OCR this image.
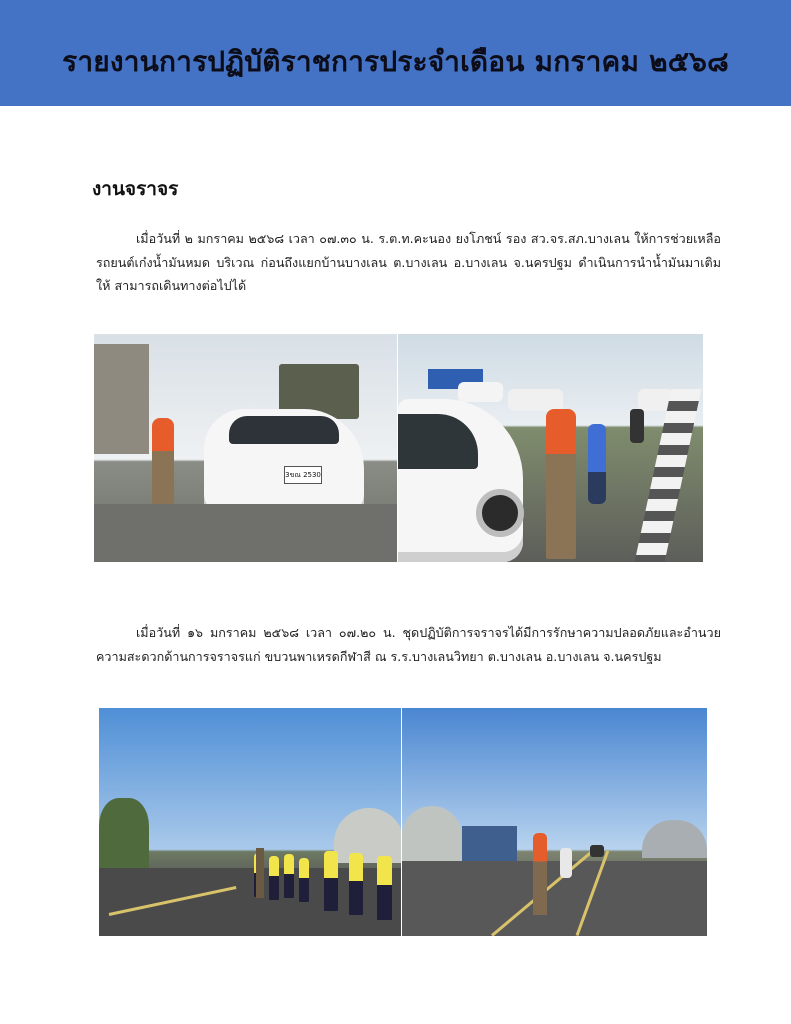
รายงานการปฏิบัติราชการประจำเดือน มกราคม ๒๕๖๘
งานจราจร

เมื่อวันที่ ๒ มกราคม ๒๕๖๘ เวลา ๐๗.๓๐ น. ร.ต.ท.คะนอง ยงโภชน์ รอง สว.จร.สภ.บางเลน ให้การช่วยเหลือ รถยนต์เก๋งน้ำมันหมด บริเวณ ก่อนถึงแยกบ้านบางเลน ต.บางเลน อ.บางเลน จ.นครปฐม ดำเนินการนำน้ำมันมาเติมให้ สามารถเดินทางต่อไปได้

3ขณ 2530

เมื่อวันที่ ๑๖ มกราคม ๒๕๖๘ เวลา ๐๗.๒๐ น. ชุดปฏิบัติการจราจรได้มีการรักษาความปลอดภัยและอำนวยความสะดวกด้านการจราจรแก่ ขบวนพาเหรดกีฬาสี ณ ร.ร.บางเลนวิทยา ต.บางเลน อ.บางเลน จ.นครปฐม
